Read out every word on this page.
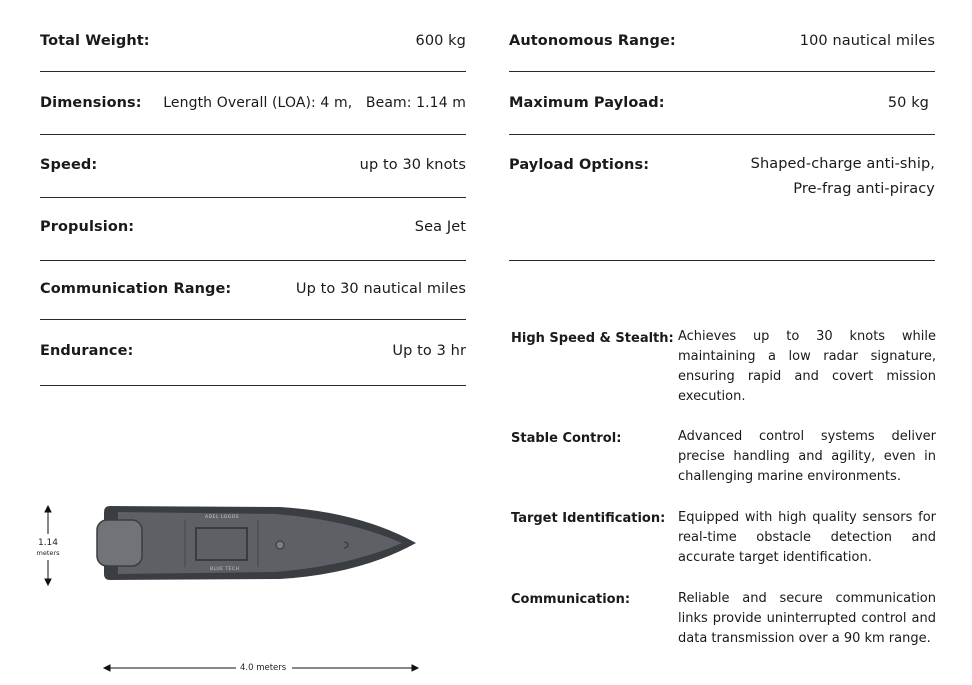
Total Weight:	600 kg
Dimensions: Length Overall (LOA): 4 m,   Beam: 1.14 m
Speed:	up to 30 knots
Propulsion:	Sea Jet
Communication Range:	Up to 30 nautical miles
Endurance:	Up to 3 hr
Autonomous Range:	100 nautical miles
Maximum Payload:	50 kg
Payload Options:	Shaped-charge anti-ship,
Pre-frag anti-piracy
High Speed & Stealth: Achieves up to 30 knots while maintaining a low radar signature, ensuring rapid and covert mission execution.
Stable Control:	Advanced control systems deliver precise handling and agility, even in challenging marine environments.
Target Identification: Equipped with high quality sensors for real-time obstacle detection and accurate target identification.
Communication:	Reliable and secure communication links provide uninterrupted control and data transmission over a 90 km range.
ADEL LOGOS
BLUE TECH
1.14
meters
4.0 meters
